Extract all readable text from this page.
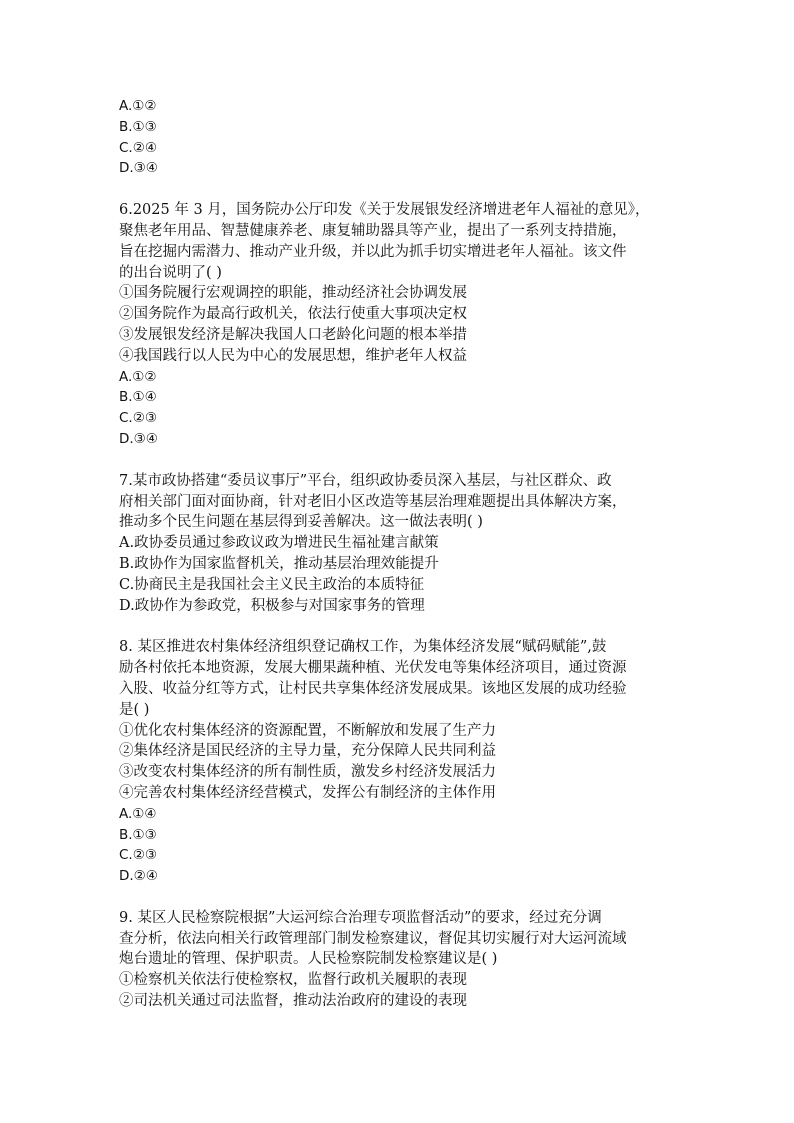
A.①②
B.①③
C.②④
D.③④
6.2025 年 3 月，国务院办公厅印发《关于发展银发经济增进老年人福祉的意见》，
聚焦老年用品、智慧健康养老、康复辅助器具等产业，提出了一系列支持措施，
旨在挖掘内需潜力、推动产业升级，并以此为抓手切实增进老年人福祉。该文件
的出台说明了( )
①国务院履行宏观调控的职能，推动经济社会协调发展
②国务院作为最高行政机关，依法行使重大事项决定权
③发展银发经济是解决我国人口老龄化问题的根本举措
④我国践行以人民为中心的发展思想，维护老年人权益
A.①②
B.①④
C.②③
D.③④
7.某市政协搭建“委员议事厅”平台，组织政协委员深入基层，与社区群众、政
府相关部门面对面协商，针对老旧小区改造等基层治理难题提出具体解决方案，
推动多个民生问题在基层得到妥善解决。这一做法表明( )
A.政协委员通过参政议政为增进民生福祉建言献策
B.政协作为国家监督机关，推动基层治理效能提升
C.协商民主是我国社会主义民主政治的本质特征
D.政协作为参政党，积极参与对国家事务的管理
8. 某区推进农村集体经济组织登记确权工作，为集体经济发展“赋码赋能”,鼓
励各村依托本地资源，发展大棚果蔬种植、光伏发电等集体经济项目，通过资源
入股、收益分红等方式，让村民共享集体经济发展成果。该地区发展的成功经验
是( )
①优化农村集体经济的资源配置，不断解放和发展了生产力
②集体经济是国民经济的主导力量，充分保障人民共同利益
③改变农村集体经济的所有制性质，激发乡村经济发展活力
④完善农村集体经济经营模式，发挥公有制经济的主体作用
A.①④
B.①③
C.②③
D.②④
9. 某区人民检察院根据”大运河综合治理专项监督活动”的要求，经过充分调
查分析，依法向相关行政管理部门制发检察建议，督促其切实履行对大运河流域
炮台遗址的管理、保护职责。人民检察院制发检察建议是( )
①检察机关依法行使检察权，监督行政机关履职的表现
②司法机关通过司法监督，推动法治政府的建设的表现
